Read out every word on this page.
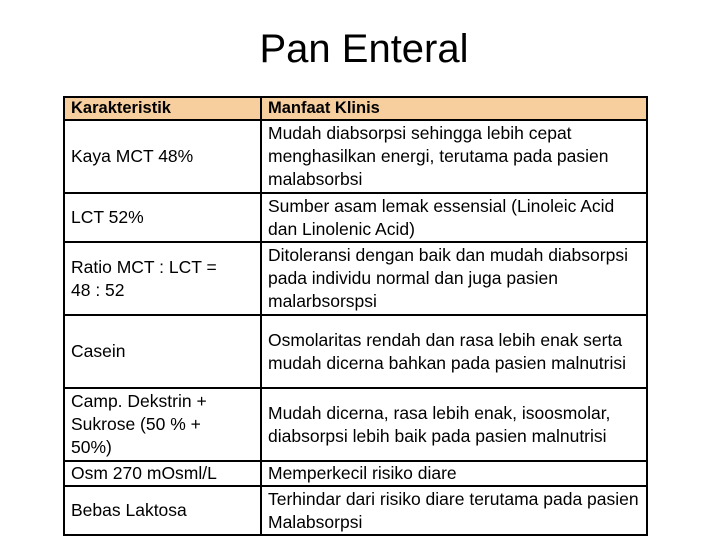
Pan Enteral
Karakteristik	Manfaat Klinis
Kaya MCT 48%	Mudah diabsorpsi sehingga lebih cepat menghasilkan energi, terutama pada pasien malabsorbsi
LCT 52%	Sumber asam lemak essensial (Linoleic Acid dan Linolenic Acid)

Ratio MCT : LCT = 48 : 52	Ditoleransi dengan baik dan mudah diabsorpsi pada individu normal dan juga pasien malarbsorspsi
Casein	Osmolaritas rendah dan rasa lebih enak serta mudah dicerna bahkan pada pasien malnutrisi

Camp. Dekstrin + Sukrose (50 % + 50%)	Mudah dicerna, rasa lebih enak, isoosmolar, diabsorpsi lebih baik pada pasien malnutrisi
Osm 270 mOsml/L	Memperkecil risiko diare
Bebas Laktosa	Terhindar dari risiko diare terutama pada pasien Malabsorpsi
